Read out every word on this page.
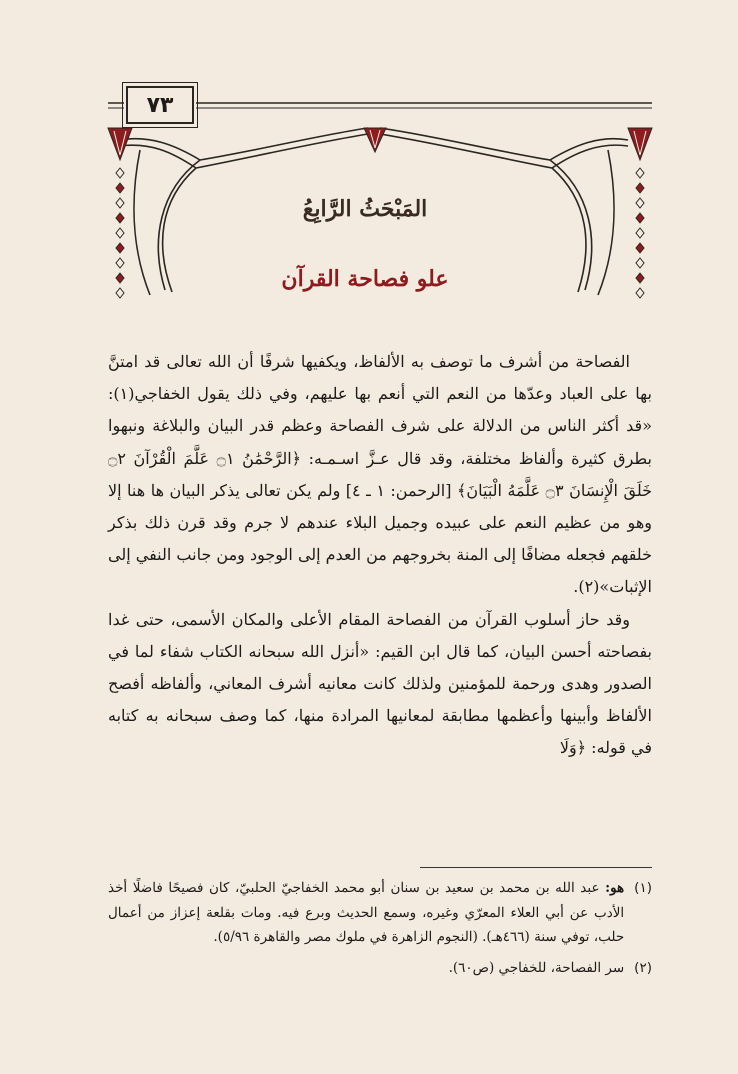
٧٣
المَبْحَثُ الرَّابِعُ
علو فصاحة القرآن

الفصاحة من أشرف ما توصف به الألفاظ، ويكفيها شرفًا أن الله تعالى قد امتنَّ بها على العباد وعدّها من النعم التي أنعم بها عليهم، وفي ذلك يقول الخفاجي(١): «قد أكثر الناس من الدلالة على شرف الفصاحة وعظم قدر البيان والبلاغة ونبهوا بطرق كثيرة وألفاظ مختلفة، وقد قال عـزَّ اسـمـه: ﴿الرَّحْمَٰنُ ۝١ عَلَّمَ الْقُرْآنَ ۝٢ خَلَقَ الْإِنسَانَ ۝٣ عَلَّمَهُ الْبَيَانَ﴾ [الرحمن: ١ ـ ٤] ولم يكن تعالى يذكر البيان ها هنا إلا وهو من عظيم النعم على عبيده وجميل البلاء عندهم لا جرم وقد قرن ذلك بذكر خلقهم فجعله مضافًا إلى المنة بخروجهم من العدم إلى الوجود ومن جانب النفي إلى الإثبات»(٢).

وقد حاز أسلوب القرآن من الفصاحة المقام الأعلى والمكان الأسمى، حتى غدا بفصاحته أحسن البيان، كما قال ابن القيم: «أنزل الله سبحانه الكتاب شفاء لما في الصدور وهدى ورحمة للمؤمنين ولذلك كانت معانيه أشرف المعاني، وألفاظه أفصح الألفاظ وأبينها وأعظمها مطابقة لمعانيها المرادة منها، كما وصف سبحانه به كتابه في قوله: ﴿وَلَا

(١)
هو: عبد الله بن محمد بن سعيد بن سنان أبو محمد الخفاجيّ الحلبيّ، كان فصيحًا فاضلًا أخذ الأدب عن أبي العلاء المعرّي وغيره، وسمع الحديث وبرع فيه. ومات بقلعة إعزاز من أعمال حلب، توفي سنة (٤٦٦هـ). (النجوم الزاهرة في ملوك مصر والقاهرة ٥/٩٦).
(٢)
سر الفصاحة، للخفاجي (ص٦٠).
